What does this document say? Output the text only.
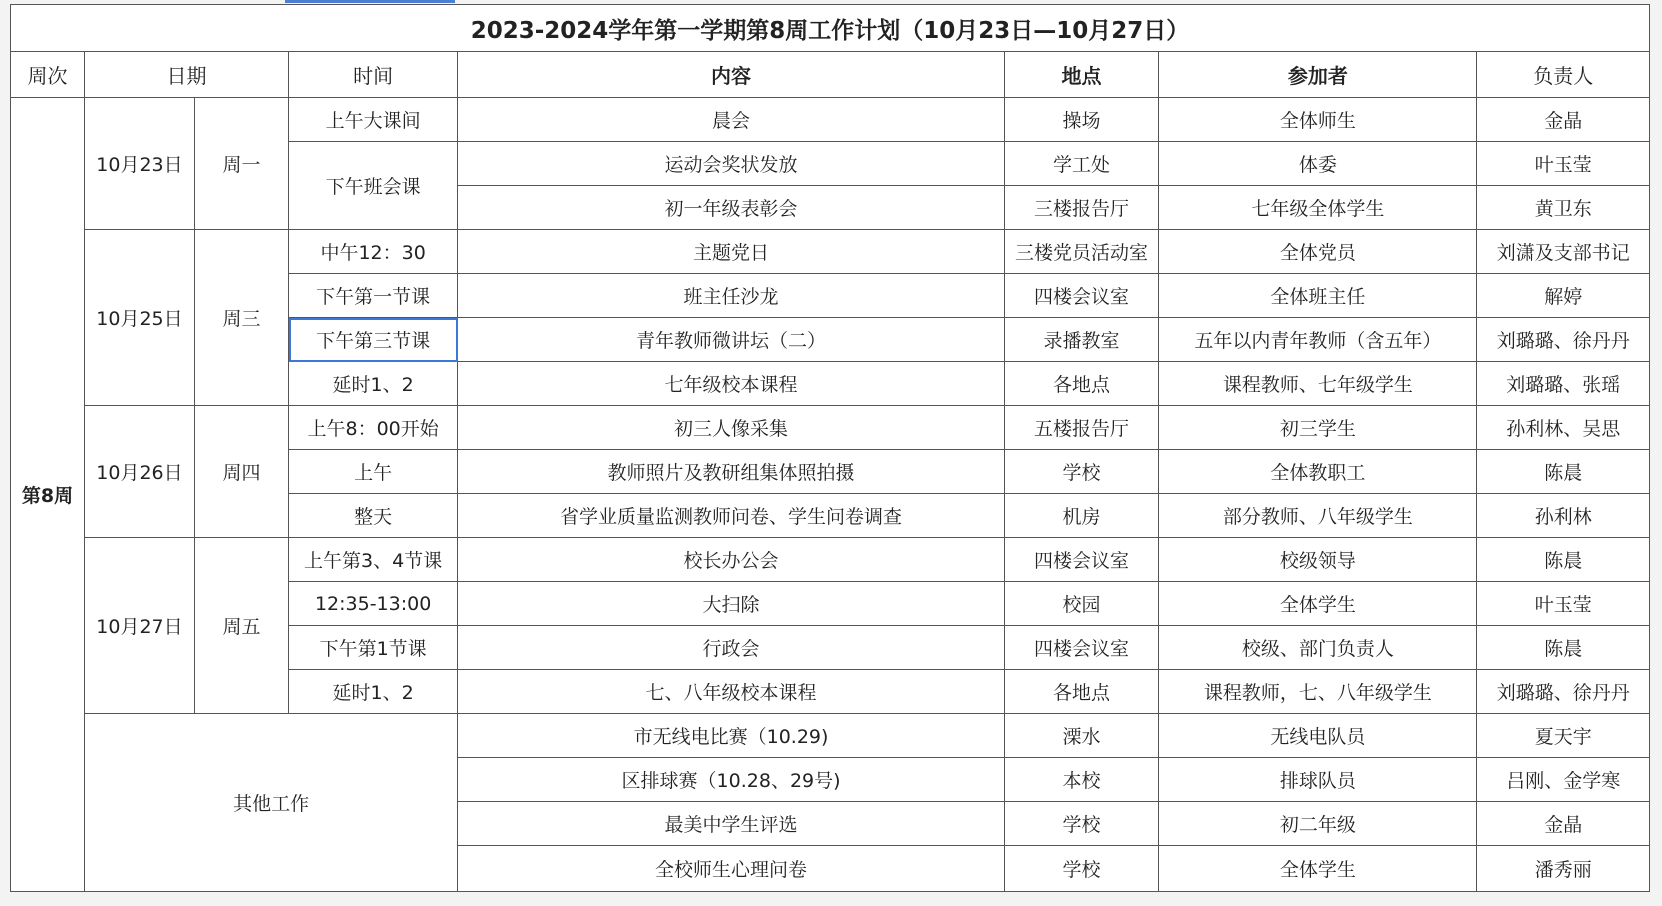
2023-2024学年第一学期第8周工作计划（10月23日—10月27日）							
周次	日期		时间	内容	地点	参加者	负责人
第8周	10月23日	周一	上午大课间	晨会	操场	全体师生	金晶
			下午班会课	运动会奖状发放	学工处	体委	叶玉莹
				初一年级表彰会	三楼报告厅	七年级全体学生	黄卫东
	10月25日	周三	中午12：30	主题党日	三楼党员活动室	全体党员	刘潇及支部书记
			下午第一节课	班主任沙龙	四楼会议室	全体班主任	解婷
			下午第三节课	青年教师微讲坛（二）	录播教室	五年以内青年教师（含五年）	刘璐璐、徐丹丹
			延时1、2	七年级校本课程	各地点	课程教师、七年级学生	刘璐璐、张瑶
	10月26日	周四	上午8：00开始	初三人像采集	五楼报告厅	初三学生	孙利林、吴思
			上午	教师照片及教研组集体照拍摄	学校	全体教职工	陈晨
			整天	省学业质量监测教师问卷、学生问卷调查	机房	部分教师、八年级学生	孙利林
	10月27日	周五	上午第3、4节课	校长办公会	四楼会议室	校级领导	陈晨
			12:35-13:00	大扫除	校园	全体学生	叶玉莹
			下午第1节课	行政会	四楼会议室	校级、部门负责人	陈晨
			延时1、2	七、八年级校本课程	各地点	课程教师，七、八年级学生	刘璐璐、徐丹丹
	其他工作			市无线电比赛（10.29)	溧水	无线电队员	夏天宇
				区排球赛（10.28、29号)	本校	排球队员	吕刚、金学寒
				最美中学生评选	学校	初二年级	金晶
				全校师生心理问卷	学校	全体学生	潘秀丽
